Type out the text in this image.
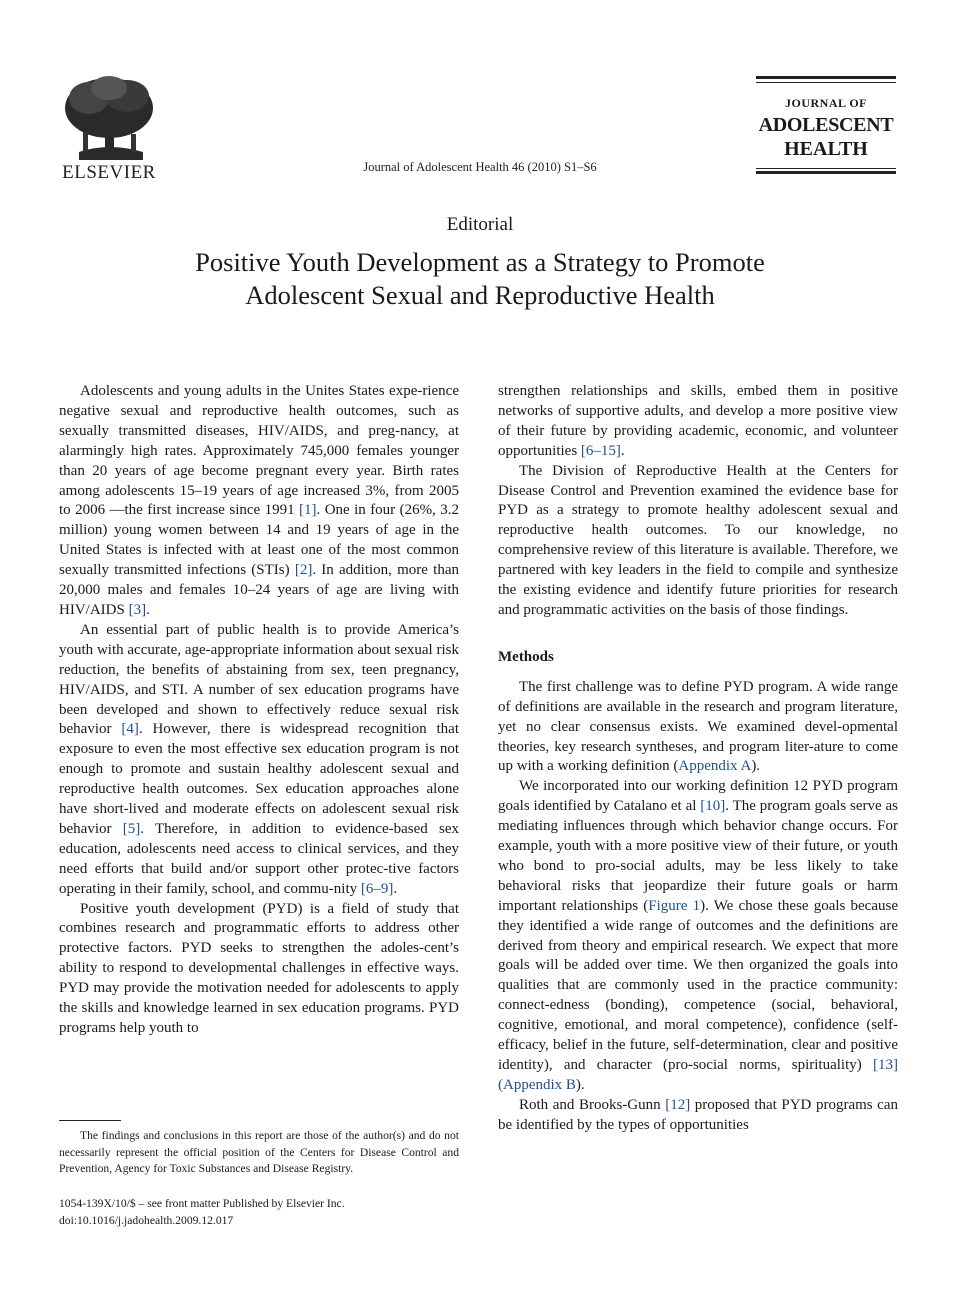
ELSEVIER	Journal of Adolescent Health 46 (2010) S1–S6
JOURNAL OF
ADOLESCENT
HEALTH
Editorial
Positive Youth Development as a Strategy to Promote
Adolescent Sexual and Reproductive Health

Adolescents and young adults in the Unites States expe-rience negative sexual and reproductive health outcomes, such as sexually transmitted diseases, HIV/AIDS, and preg-nancy, at alarmingly high rates. Approximately 745,000 females younger than 20 years of age become pregnant every year. Birth rates among adolescents 15–19 years of age increased 3%, from 2005 to 2006 —the first increase since 1991 [1]. One in four (26%, 3.2 million) young women between 14 and 19 years of age in the United States is infected with at least one of the most common sexually transmitted infections (STIs) [2]. In addition, more than 20,000 males and females 10–24 years of age are living with HIV/AIDS [3].

An essential part of public health is to provide America’s youth with accurate, age-appropriate information about sexual risk reduction, the benefits of abstaining from sex, teen pregnancy, HIV/AIDS, and STI. A number of sex education programs have been developed and shown to effectively reduce sexual risk behavior [4]. However, there is widespread recognition that exposure to even the most effective sex education program is not enough to promote and sustain healthy adolescent sexual and reproductive health outcomes. Sex education approaches alone have short-lived and moderate effects on adolescent sexual risk behavior [5]. Therefore, in addition to evidence-based sex education, adolescents need access to clinical services, and they need efforts that build and/or support other protec-tive factors operating in their family, school, and commu-nity [6–9].

Positive youth development (PYD) is a field of study that combines research and programmatic efforts to address other protective factors. PYD seeks to strengthen the adoles-cent’s ability to respond to developmental challenges in effective ways. PYD may provide the motivation needed for adolescents to apply the skills and knowledge learned in sex education programs. PYD programs help youth to

strengthen relationships and skills, embed them in positive networks of supportive adults, and develop a more positive view of their future by providing academic, economic, and volunteer opportunities [6–15].

The Division of Reproductive Health at the Centers for Disease Control and Prevention examined the evidence base for PYD as a strategy to promote healthy adolescent sexual and reproductive health outcomes. To our knowledge, no comprehensive review of this literature is available. Therefore, we partnered with key leaders in the field to compile and synthesize the existing evidence and identify future priorities for research and programmatic activities on the basis of those findings.

Methods

The first challenge was to define PYD program. A wide range of definitions are available in the research and program literature, yet no clear consensus exists. We examined devel-opmental theories, key research syntheses, and program liter-ature to come up with a working definition (Appendix A).

We incorporated into our working definition 12 PYD program goals identified by Catalano et al [10]. The program goals serve as mediating influences through which behavior change occurs. For example, youth with a more positive view of their future, or youth who bond to pro-social adults, may be less likely to take behavioral risks that jeopardize their future goals or harm important relationships (Figure 1). We chose these goals because they identified a wide range of outcomes and the definitions are derived from theory and empirical research. We expect that more goals will be added over time. We then organized the goals into qualities that are commonly used in the practice community: connect-edness (bonding), competence (social, behavioral, cognitive, emotional, and moral competence), confidence (self-efficacy, belief in the future, self-determination, clear and positive identity), and character (pro-social norms, spirituality) [13] (Appendix B).

Roth and Brooks-Gunn [12] proposed that PYD programs can be identified by the types of opportunities

The findings and conclusions in this report are those of the author(s) and do not necessarily represent the official position of the Centers for Disease Control and Prevention, Agency for Toxic Substances and Disease Registry.

1054-139X/10/$ – see front matter Published by Elsevier Inc.
doi:10.1016/j.jadohealth.2009.12.017
